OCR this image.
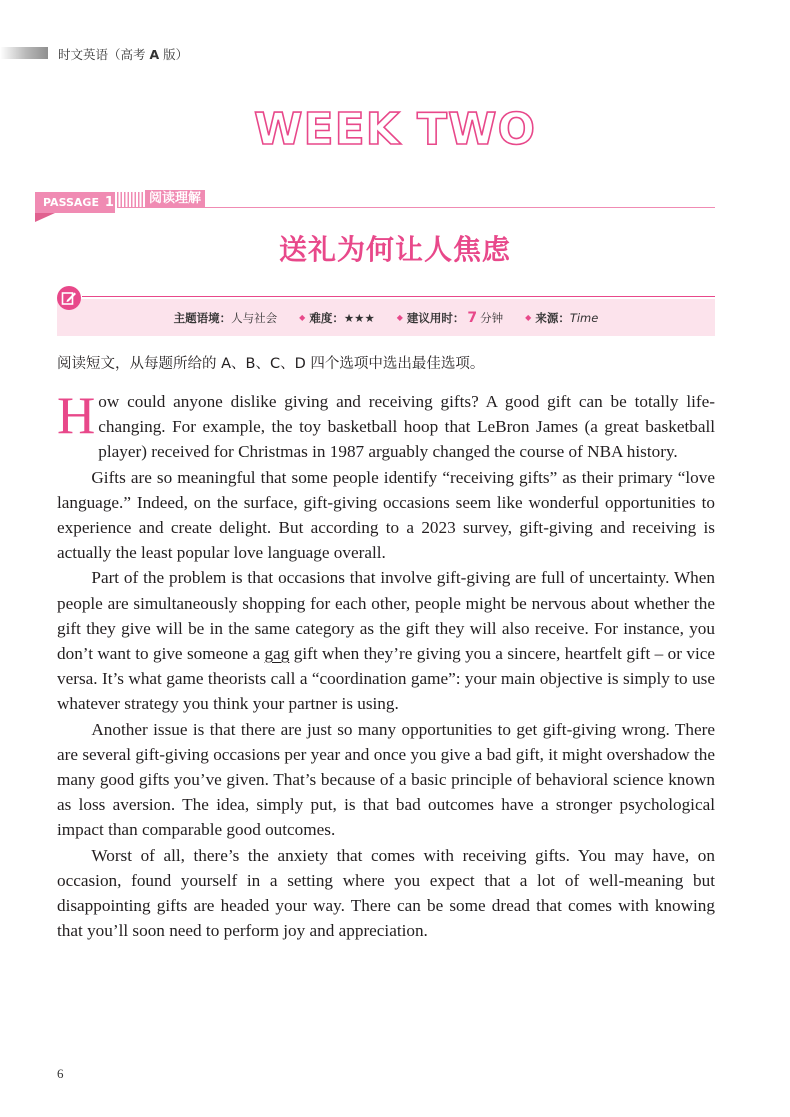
时文英语（高考 A 版）
WEEK TWO
PASSAGE 1	阅读理解
送礼为何让人焦虑
主题语境： 人与社会	◆ 难度： ★★★	◆ 建议用时： 7 分钟	◆ 来源： Time
阅读短文，从每题所给的 A、B、C、D 四个选项中选出最佳选项。

How could anyone dislike giving and receiving gifts? A good gift can be totally life-changing. For example, the toy basketball hoop that LeBron James (a great basketball player) received for Christmas in 1987 arguably changed the course of NBA history.

Gifts are so meaningful that some people identify “receiving gifts” as their primary “love language.” Indeed, on the surface, gift-giving occasions seem like wonderful opportunities to experience and create delight. But according to a 2023 survey, gift-giving and receiving is actually the least popular love language overall.

Part of the problem is that occasions that involve gift-giving are full of uncertainty. When people are simultaneously shopping for each other, people might be nervous about whether the gift they give will be in the same category as the gift they will also receive. For instance, you don’t want to give someone a gag gift when they’re giving you a sincere, heartfelt gift – or vice versa. It’s what game theorists call a “coordination game”: your main objective is simply to use whatever strategy you think your partner is using.

Another issue is that there are just so many opportunities to get gift-giving wrong. There are several gift-giving occasions per year and once you give a bad gift, it might overshadow the many good gifts you’ve given. That’s because of a basic principle of behavioral science known as loss aversion. The idea, simply put, is that bad outcomes have a stronger psychological impact than comparable good outcomes.

Worst of all, there’s the anxiety that comes with receiving gifts. You may have, on occasion, found yourself in a setting where you expect that a lot of well-meaning but disappointing gifts are headed your way. There can be some dread that comes with knowing that you’ll soon need to perform joy and appreciation.

6
